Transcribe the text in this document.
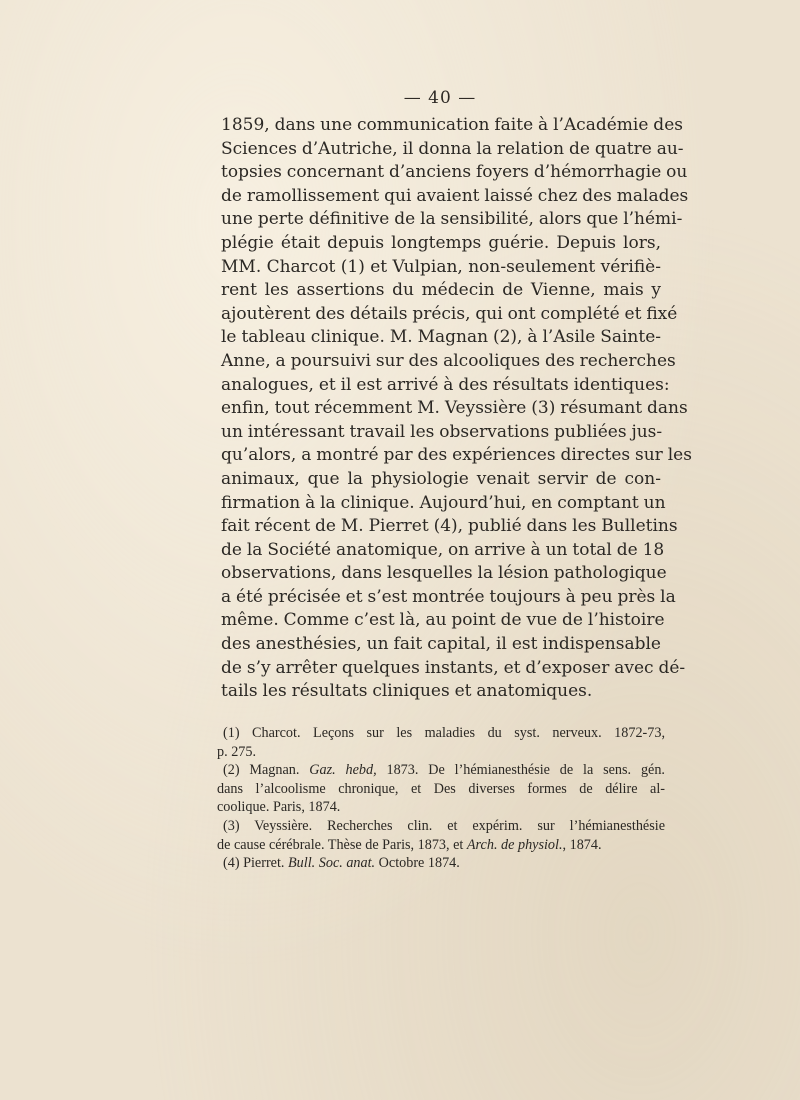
— 40 —
1859, dans une communication faite à l’Académie des
Sciences d’Autriche, il donna la relation de quatre au-
topsies concernant d’anciens foyers d’hémorrhagie ou
de ramollissement qui avaient laissé chez des malades
une perte définitive de la sensibilité, alors que l’hémi-
plégie était depuis longtemps guérie. Depuis lors,
MM. Charcot (1) et Vulpian, non-seulement vérifiè-
rent les assertions du médecin de Vienne, mais y
ajoutèrent des détails précis, qui ont complété et fixé
le tableau clinique. M. Magnan (2), à l’Asile Sainte-
Anne, a poursuivi sur des alcooliques des recherches
analogues, et il est arrivé à des résultats identiques:
enfin, tout récemment M. Veyssière (3) résumant dans
un intéressant travail les observations publiées jus-
qu’alors, a montré par des expériences directes sur les
animaux, que la physiologie venait servir de con-
firmation à la clinique. Aujourd’hui, en comptant un
fait récent de M. Pierret (4), publié dans les Bulletins
de la Société anatomique, on arrive à un total de 18
observations, dans lesquelles la lésion pathologique
a été précisée et s’est montrée toujours à peu près la
même. Comme c’est là, au point de vue de l’histoire
des anesthésies, un fait capital, il est indispensable
de s’y arrêter quelques instants, et d’exposer avec dé-
tails les résultats cliniques et anatomiques.
(1) Charcot. Leçons sur les maladies du syst. nerveux. 1872-73,
p. 275.
(2) Magnan. Gaz. hebd, 1873. De l’hémianesthésie de la sens. gén.
dans l’alcoolisme chronique, et Des diverses formes de délire al-
coolique. Paris, 1874.
(3) Veyssière. Recherches clin. et expérim. sur l’hémianesthésie
de cause cérébrale. Thèse de Paris, 1873, et Arch. de physiol., 1874.
(4) Pierret. Bull. Soc. anat. Octobre 1874.
